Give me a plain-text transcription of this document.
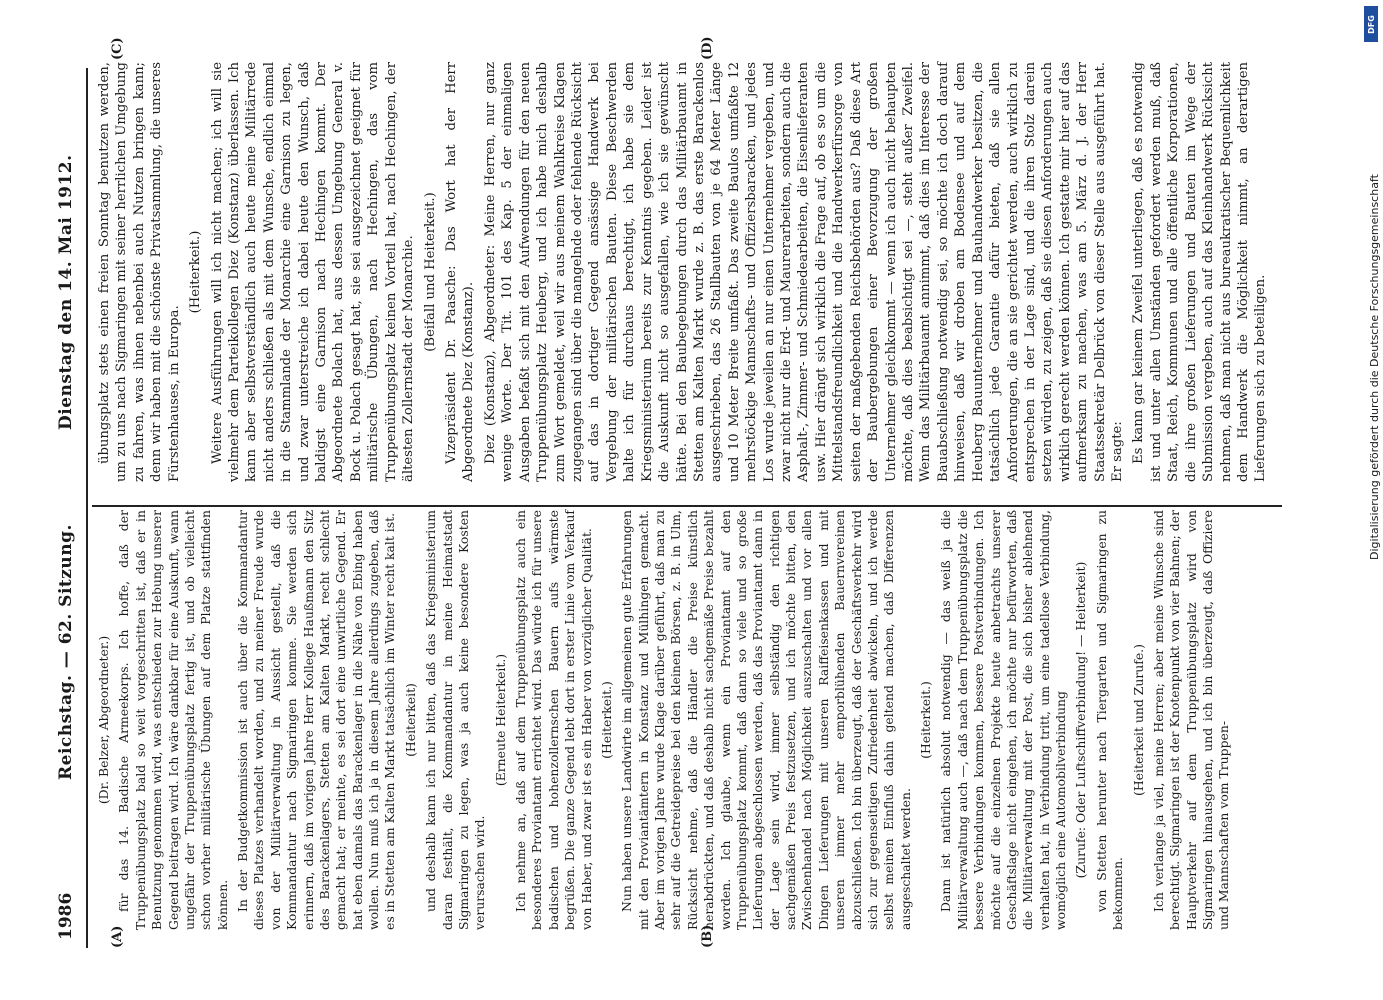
1986
Reichstag. — 62. Sitzung.
Dienstag den 14. Mai 1912.
(A)	(B)
(C)	(D)

(Dr. Belzer, Abgeordneter.) für das 14. Badische Armeekorps. Ich hoffe, daß der Truppenübungsplatz bald so weit vorgeschritten ist, daß er in Benutzung genommen wird, was entschieden zur Hebung unserer Gegend beitragen wird. Ich wäre dankbar für eine Auskunft, wann ungefähr der Truppenübungsplatz fertig ist, und ob vielleicht schon vorher militärische Übungen auf dem Platze stattfinden können. In der Budgetkommission ist auch über die Kommandantur dieses Platzes verhandelt worden, und zu meiner Freude wurde von der Militärverwaltung in Aussicht gestellt, daß die Kommandantur nach Sigmaringen komme. Sie werden sich erinnern, daß im vorigen Jahre Herr Kollege Haußmann den Sitz des Barackenlagers, Stetten am Kalten Markt, recht schlecht gemacht hat; er meinte, es sei dort eine unwirtliche Gegend. Er hat eben damals das Barackenlager in die Nähe von Ebing haben wollen. Nun muß ich ja in diesem Jahre allerdings zugeben, daß es in Stetten am Kalten Markt tatsächlich im Winter recht kalt ist. (Heiterkeit) und deshalb kann ich nur bitten, daß das Kriegsministerium daran festhält, die Kommandantur in meine Heimatstadt Sigmaringen zu legen, was ja auch keine besondere Kosten verursachen wird.

(Erneute Heiterkeit.) Ich nehme an, daß auf dem Truppenübungsplatz auch ein besonderes Proviantamt errichtet wird. Das würde ich für unsere badischen und hohenzollernschen Bauern aufs wärmste begrüßen. Die ganze Gegend lebt dort in erster Linie vom Verkauf von Haber, und zwar ist es ein Haber von vorzüglicher Qualität. (Heiterkeit.) Nun haben unsere Landwirte im allgemeinen gute Erfahrungen mit den Proviantämtern in Konstanz und Mülhingen gemacht. Aber im vorigen Jahre wurde Klage darüber geführt, daß man zu sehr auf die Getreidepreise bei den kleinen Börsen, z. B. in Ulm, Rücksicht nehme, daß die Händler die Preise künstlich herabdrückten, und daß deshalb nicht sachgemäße Preise bezahlt worden. Ich glaube, wenn ein Proviantamt auf den Truppenübungsplatz kommt, daß dann so viele und so große Lieferungen abgeschlossen werden, daß das Proviantamt dann in der Lage sein wird, immer selbständig den richtigen sachgemäßen Preis festzusetzen, und ich möchte bitten, den Zwischenhandel nach Möglichkeit auszuschalten und vor allen Dingen Lieferungen mit unseren Raiffeisenkassen und mit unseren immer mehr emporblühenden Bauernvereinen abzuschließen. Ich bin überzeugt, daß der Geschäftsverkehr wird sich zur gegenseitigen Zufriedenheit abwickeln, und ich werde selbst meinen Einfluß dahin geltend machen, daß Differenzen ausgeschaltet werden.

(Heiterkeit.) Dann ist natürlich absolut notwendig — das weiß ja die Militärverwaltung auch —, daß nach dem Truppenübungsplatz die bessere Verbindungen kommen, bessere Postverbindungen. Ich möchte auf die einzelnen Projekte heute anbetrachts unserer Geschäftslage nicht eingehen, ich möchte nur befürworten, daß die Militärverwaltung mit der Post, die sich bisher ablehnend verhalten hat, in Verbindung tritt, um eine tadellose Verbindung, womöglich eine Automobilverbindung (Zurufe: Oder Luftschiffverbindung! — Heiterkeit) von Stetten herunter nach Tiergarten und Sigmaringen zu bekommen.

(Heiterkeit und Zurufe.) Ich verlange ja viel, meine Herren; aber meine Wünsche sind berechtigt. Sigmaringen ist der Knotenpunkt von vier Bahnen; der Hauptverkehr auf dem Truppenübungsplatz wird von Sigmaringen hinausgehen, und ich bin überzeugt, daß Offiziere und Mannschaften vom Truppen-

übungsplatz stets einen freien Sonntag benutzen werden, um zu uns nach Sigmaringen mit seiner herrlichen Umgebung zu fahren, was ihnen nebenbei auch Nutzen bringen kann; denn wir haben mit die schönste Privatsammlung, die unseres Fürstenhauses, in Europa.

(Heiterkeit.) Weitere Ausführungen will ich nicht machen; ich will sie vielmehr dem Parteikollegen Diez (Konstanz) überlassen. Ich kann aber selbstverständlich auch heute meine Militärrede nicht anders schließen als mit dem Wunsche, endlich einmal in die Stammlande der Monarchie eine Garnison zu legen, und zwar unterstreiche ich dabei heute den Wunsch, daß baldigst eine Garnison nach Hechingen kommt. Der Abgeordnete Bolach hat, aus dessen Umgebung General v. Bock u. Polach gesagt hat, sie sei ausgezeichnet geeignet für militärische Übungen, nach Hechingen, das vom Truppenübungsplatz keinen Vorteil hat, nach Hechingen, der ältesten Zollernstadt der Monarchie. (Beifall und Heiterkeit.) Vizepräsident Dr. Paasche: Das Wort hat der Herr Abgeordnete Diez (Konstanz). Diez (Konstanz), Abgeordneter: Meine Herren, nur ganz wenige Worte. Der Tit. 101 des Kap. 5 der einmaligen Ausgaben befaßt sich mit den Aufwendungen für den neuen Truppenübungsplatz Heuberg, und ich habe mich deshalb zum Wort gemeldet, weil wir aus meinem Wahlkreise Klagen zugegangen sind über die mangelnde oder fehlende Rücksicht auf das in dortiger Gegend ansässige Handwerk bei Vergebung der militärischen Bauten. Diese Beschwerden halte ich für durchaus berechtigt, ich habe sie dem Kriegsministerium bereits zur Kenntnis gegeben. Leider ist die Auskunft nicht so ausgefallen, wie ich sie gewünscht hätte. Bei den Baubegebungen durch das Militärbauamt in Stetten am Kalten Markt wurde z. B. das erste Barackenlos ausgeschrieben, das 26 Stallbauten von je 64 Meter Länge und 10 Meter Breite umfaßt. Das zweite Baulos umfaßte 12 mehrstöckige Mannschafts- und Offiziersbaracken, und jedes Los wurde jeweilen an nur einen Unternehmer vergeben, und zwar nicht nur die Erd- und Maurerarbeiten, sondern auch die Asphalt-, Zimmer- und Schmiedearbeiten, die Eisenlieferanten usw. Hier drängt sich wirklich die Frage auf, ob es so um die Mittelstandsfreundlichkeit und die Handwerkerfürsorge von seiten der maßgebenden Reichsbehörden aus? Daß diese Art der Baubergebungen einer Bevorzugung der großen Unternehmer gleichkommt — wenn ich auch nicht behaupten möchte, daß dies beabsichtigt sei —, steht außer Zweifel. Wenn das Militärbauamt annimmt, daß dies im Interesse der Bauabschließung notwendig sei, so möchte ich doch darauf hinweisen, daß wir droben am Bodensee und auf dem Heuberg Bauunternehmer und Bauhandwerker besitzen, die tatsächlich jede Garantie dafür bieten, daß sie allen Anforderungen, die an sie gerichtet werden, auch wirklich zu entsprechen in der Lage sind, und die ihren Stolz darein setzen würden, zu zeigen, daß sie diesen Anforderungen auch wirklich gerecht werden können. Ich gestatte mir hier auf das aufmerksam zu machen, was am 5. März d. J. der Herr Staatssekretär Delbrück von dieser Stelle aus ausgeführt hat. Er sagte: Es kann gar keinem Zweifel unterliegen, daß es notwendig ist und unter allen Umständen gefordert werden muß, daß Staat, Reich, Kommunen und alle öffentliche Korporationen, die ihre großen Lieferungen und Bauten im Wege der Submission vergeben, auch auf das Kleinhandwerk Rücksicht nehmen, daß man nicht aus bureaukratischer Bequemlichkeit dem Handwerk die Möglichkeit nimmt, an derartigen Lieferungen sich zu beteiligen.	Digitalisierung gefördert durch die Deutsche Forschungsgemeinschaft
DFG
